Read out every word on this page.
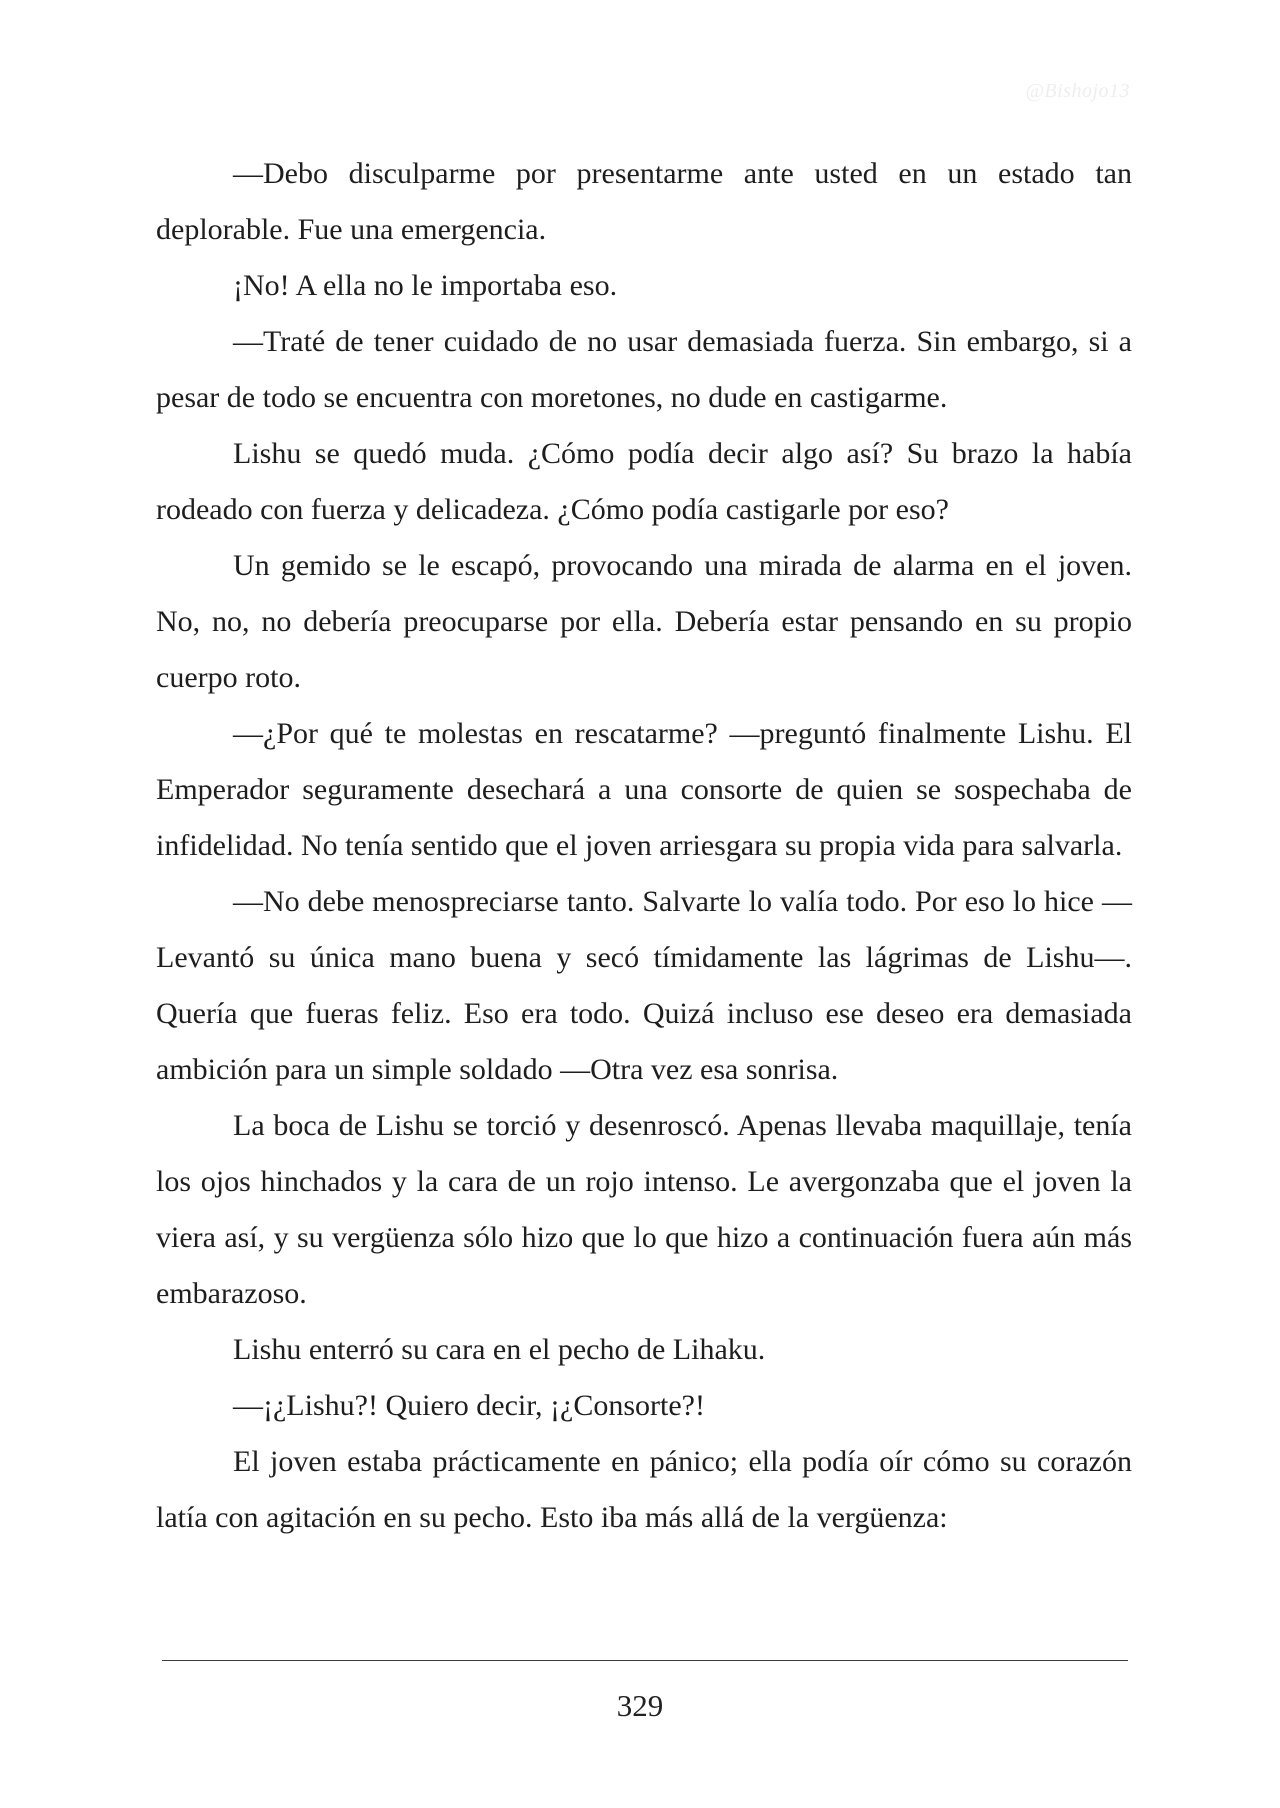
@Bishojo13

—Debo disculparme por presentarme ante usted en un estado tan deplorable. Fue una emergencia.

¡No! A ella no le importaba eso.

—Traté de tener cuidado de no usar demasiada fuerza. Sin embargo, si a pesar de todo se encuentra con moretones, no dude en castigarme.

Lishu se quedó muda. ¿Cómo podía decir algo así? Su brazo la había rodeado con fuerza y delicadeza. ¿Cómo podía castigarle por eso?

Un gemido se le escapó, provocando una mirada de alarma en el joven. No, no, no debería preocuparse por ella. Debería estar pensando en su propio cuerpo roto.

—¿Por qué te molestas en rescatarme? —preguntó finalmente Lishu. El Emperador seguramente desechará a una consorte de quien se sospechaba de infidelidad. No tenía sentido que el joven arriesgara su propia vida para salvarla.

—No debe menospreciarse tanto. Salvarte lo valía todo. Por eso lo hice —Levantó su única mano buena y secó tímidamente las lágrimas de Lishu—. Quería que fueras feliz. Eso era todo. Quizá incluso ese deseo era demasiada ambición para un simple soldado —Otra vez esa sonrisa.

La boca de Lishu se torció y desenroscó. Apenas llevaba maquillaje, tenía los ojos hinchados y la cara de un rojo intenso. Le avergonzaba que el joven la viera así, y su vergüenza sólo hizo que lo que hizo a continuación fuera aún más embarazoso.

Lishu enterró su cara en el pecho de Lihaku.

—¡¿Lishu?! Quiero decir, ¡¿Consorte?!

El joven estaba prácticamente en pánico; ella podía oír cómo su corazón latía con agitación en su pecho. Esto iba más allá de la vergüenza:

329
